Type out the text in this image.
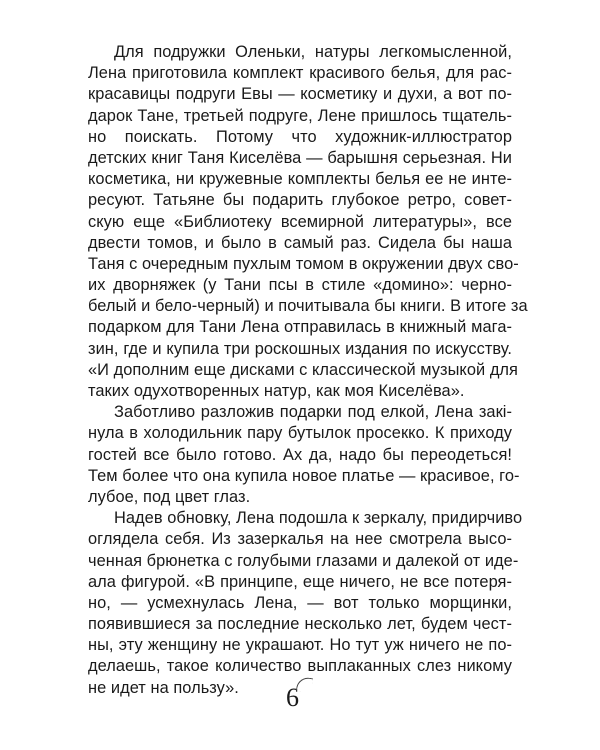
Для подружки Оленьки, натуры легкомысленной,
Лена приготовила комплект красивого белья, для рас-
красавицы подруги Евы — косметику и духи, а вот по-
дарок Тане, третьей подруге, Лене пришлось тщатель-
но поискать. Потому что художник-иллюстратор
детских книг Таня Киселёва — барышня серьезная. Ни
косметика, ни кружевные комплекты белья ее не инте-
ресуют. Татьяне бы подарить глубокое ретро, совет-
скую еще «Библиотеку всемирной литературы», все
двести томов, и было в самый раз. Сидела бы наша
Таня с очередным пухлым томом в окружении двух сво-
их дворняжек (у Тани псы в стиле «домино»: черно-
белый и бело-черный) и почитывала бы книги. В итоге за
подарком для Тани Лена отправилась в книжный мага-
зин, где и купила три роскошных издания по искусству.
«И дополним еще дисками с классической музыкой для
таких одухотворенных натур, как моя Киселёва».
Заботливо разложив подарки под елкой, Лена закi-
нула в холодильник пару бутылок просекко. К приходу
гостей все было готово. Ах да, надо бы переодеться!
Тем более что она купила новое платье — красивое, го-
лубое, под цвет глаз.
Надев обновку, Лена подошла к зеркалу, придирчиво
оглядела себя. Из зазеркалья на нее смотрела высо-
ченная брюнетка с голубыми глазами и далекой от иде-
ала фигурой. «В принципе, еще ничего, не все потеря-
но, — усмехнулась Лена, — вот только морщинки,
появившиеся за последние несколько лет, будем чест-
ны, эту женщину не украшают. Но тут уж ничего не по-
делаешь, такое количество выплаканных слез никому
не идет на пользу».	6
